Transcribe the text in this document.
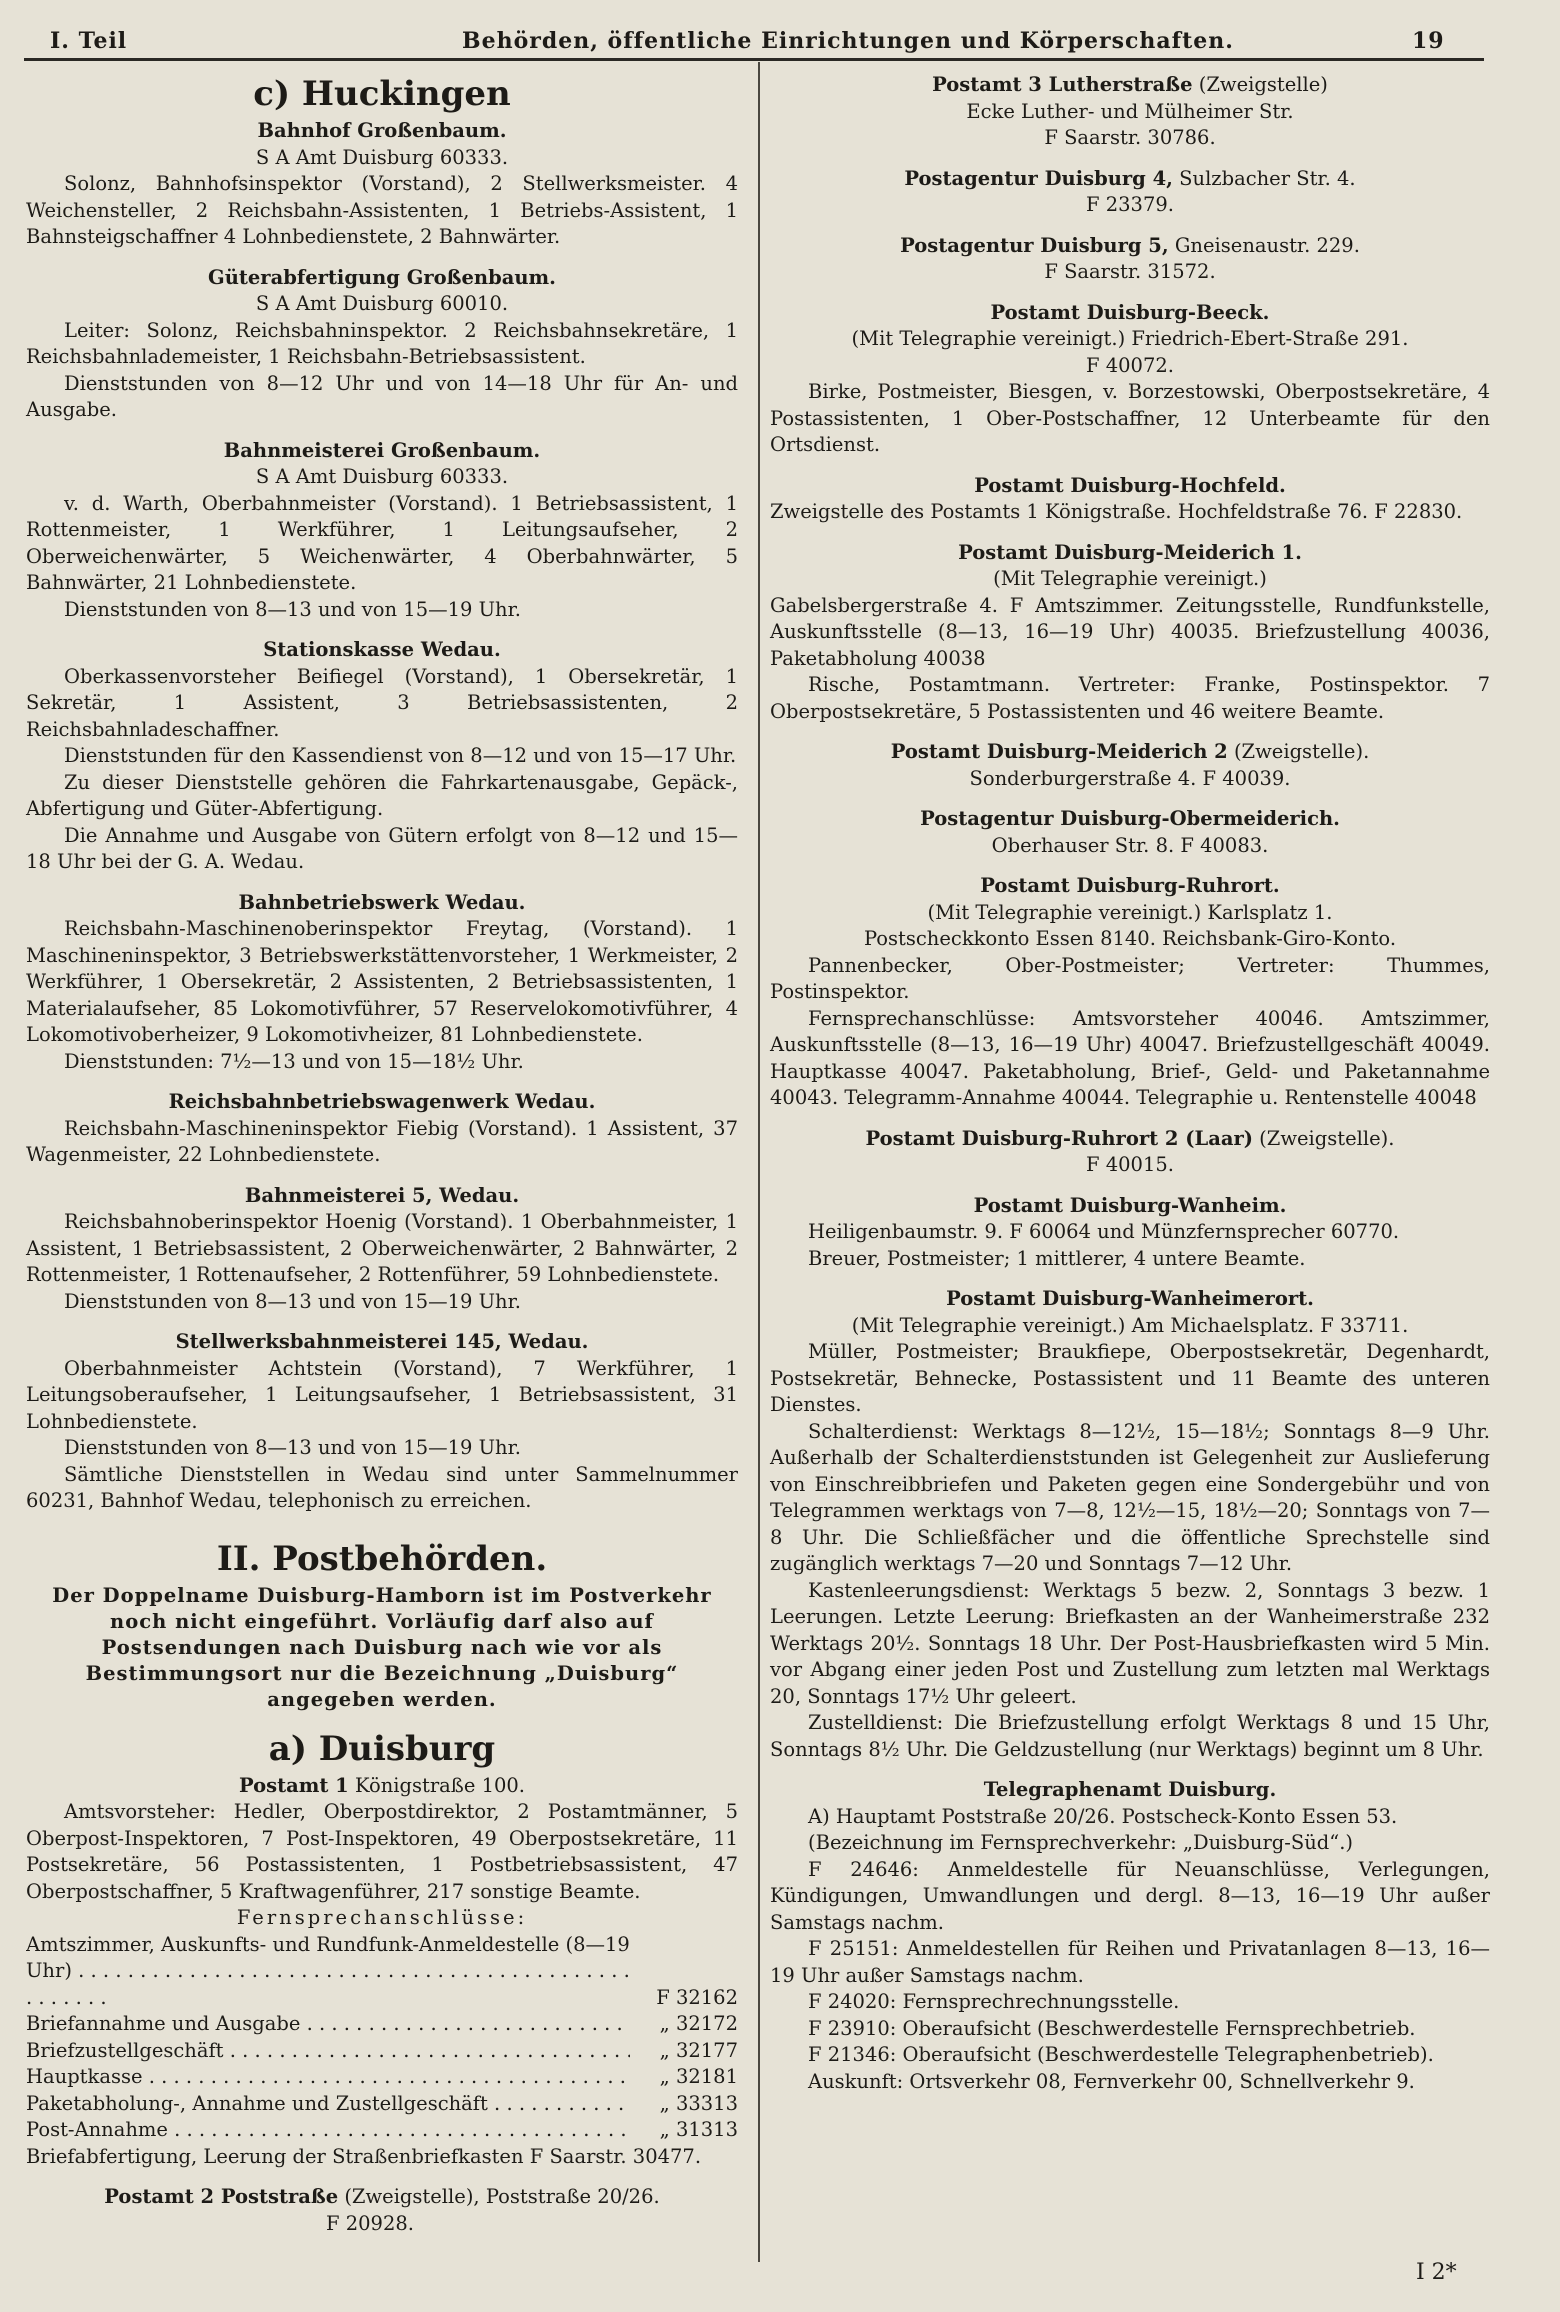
I. Teil	Behörden, öffentliche Einrichtungen und Körperschaften.	19

c) Huckingen

Bahnhof Großenbaum.

S A Amt Duisburg 60333.

Solonz, Bahnhofsinspektor (Vorstand), 2 Stellwerksmeister. 4 Weichensteller, 2 Reichsbahn-Assistenten, 1 Betriebs-Assistent, 1 Bahnsteigschaffner 4 Lohnbedienstete, 2 Bahnwärter.

Güterabfertigung Großenbaum.

S A Amt Duisburg 60010.

Leiter: Solonz, Reichsbahninspektor. 2 Reichsbahnsekretäre, 1 Reichsbahnlademeister, 1 Reichsbahn-Betriebsassistent.

Dienststunden von 8—12 Uhr und von 14—18 Uhr für An- und Ausgabe.

Bahnmeisterei Großenbaum.

S A Amt Duisburg 60333.

v. d. Warth, Oberbahnmeister (Vorstand). 1 Betriebsassistent, 1 Rottenmeister, 1 Werkführer, 1 Leitungsaufseher, 2 Oberweichenwärter, 5 Weichenwärter, 4 Oberbahnwärter, 5 Bahnwärter, 21 Lohnbedienstete.

Dienststunden von 8—13 und von 15—19 Uhr.

Stationskasse Wedau.

Oberkassenvorsteher Beifiegel (Vorstand), 1 Obersekretär, 1 Sekretär, 1 Assistent, 3 Betriebsassistenten, 2 Reichsbahnladeschaffner.

Dienststunden für den Kassendienst von 8—12 und von 15—17 Uhr.

Zu dieser Dienststelle gehören die Fahrkartenausgabe, Gepäck-, Abfertigung und Güter-Abfertigung.

Die Annahme und Ausgabe von Gütern erfolgt von 8—12 und 15—18 Uhr bei der G. A. Wedau.

Bahnbetriebswerk Wedau.

Reichsbahn-Maschinenoberinspektor Freytag, (Vorstand). 1 Maschineninspektor, 3 Betriebswerkstättenvorsteher, 1 Werkmeister, 2 Werkführer, 1 Obersekretär, 2 Assistenten, 2 Betriebsassistenten, 1 Materialaufseher, 85 Lokomotivführer, 57 Reservelokomotivführer, 4 Lokomotivoberheizer, 9 Lokomotivheizer, 81 Lohnbedienstete.

Dienststunden: 7½—13 und von 15—18½ Uhr.

Reichsbahnbetriebswagenwerk Wedau.

Reichsbahn-Maschineninspektor Fiebig (Vorstand). 1 Assistent, 37 Wagenmeister, 22 Lohnbedienstete.

Bahnmeisterei 5, Wedau.

Reichsbahnoberinspektor Hoenig (Vorstand). 1 Oberbahnmeister, 1 Assistent, 1 Betriebsassistent, 2 Oberweichenwärter, 2 Bahnwärter, 2 Rottenmeister, 1 Rottenaufseher, 2 Rottenführer, 59 Lohnbedienstete.

Dienststunden von 8—13 und von 15—19 Uhr.

Stellwerksbahnmeisterei 145, Wedau.

Oberbahnmeister Achtstein (Vorstand), 7 Werkführer, 1 Leitungsoberaufseher, 1 Leitungsaufseher, 1 Betriebsassistent, 31 Lohnbedienstete.

Dienststunden von 8—13 und von 15—19 Uhr.

Sämtliche Dienststellen in Wedau sind unter Sammelnummer 60231, Bahnhof Wedau, telephonisch zu erreichen.

II. Postbehörden.

Der Doppelname Duisburg-Hamborn ist im Postverkehr noch nicht eingeführt. Vorläufig darf also auf Postsendungen nach Duisburg nach wie vor als Bestimmungsort nur die Bezeichnung „Duisburg“ angegeben werden.

a) Duisburg

Postamt 1 Königstraße 100.

Amtsvorsteher: Hedler, Oberpostdirektor, 2 Postamtmänner, 5 Oberpost-Inspektoren, 7 Post-Inspektoren, 49 Oberpostsekretäre, 11 Postsekretäre, 56 Postassistenten, 1 Postbetriebsassistent, 47 Oberpostschaffner, 5 Kraftwagenführer, 217 sonstige Beamte.

Fernsprechanschlüsse:

Amtszimmer, Auskunfts- und Rundfunk-Anmeldestelle (8—19 Uhr) . . .
F 32162
Briefannahme und Ausgabe . . .	„ 32172
Briefzustellgeschäft . . .	„ 32177
Hauptkasse . . .	„ 32181
Paketabholung-, Annahme und Zustellgeschäft . . .	„ 33313
Post-Annahme . . .	„ 31313

Briefabfertigung, Leerung der Straßenbriefkasten F Saarstr. 30477.

Postamt 2 Poststraße (Zweigstelle), Poststraße 20/26.

F 20928.

Postamt 3 Lutherstraße (Zweigstelle)

Ecke Luther- und Mülheimer Str.

F Saarstr. 30786.

Postagentur Duisburg 4, Sulzbacher Str. 4.

F 23379.

Postagentur Duisburg 5, Gneisenaustr. 229.

F Saarstr. 31572.

Postamt Duisburg-Beeck.

(Mit Telegraphie vereinigt.) Friedrich-Ebert-Straße 291.

F 40072.

Birke, Postmeister, Biesgen, v. Borzestowski, Oberpostsekretäre, 4 Postassistenten, 1 Ober-Postschaffner, 12 Unterbeamte für den Ortsdienst.

Postamt Duisburg-Hochfeld.

Zweigstelle des Postamts 1 Königstraße. Hochfeldstraße 76. F 22830.

Postamt Duisburg-Meiderich 1.

(Mit Telegraphie vereinigt.)

Gabelsbergerstraße 4. F Amtszimmer. Zeitungsstelle, Rundfunkstelle, Auskunftsstelle (8—13, 16—19 Uhr) 40035. Briefzustellung 40036, Paketabholung 40038

Rische, Postamtmann. Vertreter: Franke, Postinspektor. 7 Oberpostsekretäre, 5 Postassistenten und 46 weitere Beamte.

Postamt Duisburg-Meiderich 2 (Zweigstelle).

Sonderburgerstraße 4. F 40039.

Postagentur Duisburg-Obermeiderich.

Oberhauser Str. 8. F 40083.

Postamt Duisburg-Ruhrort.

(Mit Telegraphie vereinigt.) Karlsplatz 1.

Postscheckkonto Essen 8140. Reichsbank-Giro-Konto.

Pannenbecker, Ober-Postmeister; Vertreter: Thummes, Postinspektor.

Fernsprechanschlüsse: Amtsvorsteher 40046. Amtszimmer, Auskunftsstelle (8—13, 16—19 Uhr) 40047. Briefzustellgeschäft 40049. Hauptkasse 40047. Paketabholung, Brief-, Geld- und Paketannahme 40043. Telegramm-Annahme 40044. Telegraphie u. Rentenstelle 40048

Postamt Duisburg-Ruhrort 2 (Laar) (Zweigstelle).

F 40015.

Postamt Duisburg-Wanheim.

Heiligenbaumstr. 9. F 60064 und Münzfernsprecher 60770.

Breuer, Postmeister; 1 mittlerer, 4 untere Beamte.

Postamt Duisburg-Wanheimerort.

(Mit Telegraphie vereinigt.) Am Michaelsplatz. F 33711.

Müller, Postmeister; Braukfiepe, Oberpostsekretär, Degenhardt, Postsekretär, Behnecke, Postassistent und 11 Beamte des unteren Dienstes.

Schalterdienst: Werktags 8—12½, 15—18½; Sonntags 8—9 Uhr. Außerhalb der Schalterdienststunden ist Gelegenheit zur Auslieferung von Einschreibbriefen und Paketen gegen eine Sondergebühr und von Telegrammen werktags von 7—8, 12½—15, 18½—20; Sonntags von 7—8 Uhr. Die Schließfächer und die öffentliche Sprechstelle sind zugänglich werktags 7—20 und Sonntags 7—12 Uhr.

Kastenleerungsdienst: Werktags 5 bezw. 2, Sonntags 3 bezw. 1 Leerungen. Letzte Leerung: Briefkasten an der Wanheimerstraße 232 Werktags 20½. Sonntags 18 Uhr. Der Post-Hausbriefkasten wird 5 Min. vor Abgang einer jeden Post und Zustellung zum letzten mal Werktags 20, Sonntags 17½ Uhr geleert.

Zustelldienst: Die Briefzustellung erfolgt Werktags 8 und 15 Uhr, Sonntags 8½ Uhr. Die Geldzustellung (nur Werktags) beginnt um 8 Uhr.

Telegraphenamt Duisburg.

A) Hauptamt Poststraße 20/26. Postscheck-Konto Essen 53.

(Bezeichnung im Fernsprechverkehr: „Duisburg-Süd“.)

F 24646: Anmeldestelle für Neuanschlüsse, Verlegungen, Kündigungen, Umwandlungen und dergl. 8—13, 16—19 Uhr außer Samstags nachm.

F 25151: Anmeldestellen für Reihen und Privatanlagen 8—13, 16—19 Uhr außer Samstags nachm.

F 24020: Fernsprechrechnungsstelle.

F 23910: Oberaufsicht (Beschwerdestelle Fernsprechbetrieb.

F 21346: Oberaufsicht (Beschwerdestelle Telegraphenbetrieb).

Auskunft: Ortsverkehr 08, Fernverkehr 00, Schnellverkehr 9.

I 2*
